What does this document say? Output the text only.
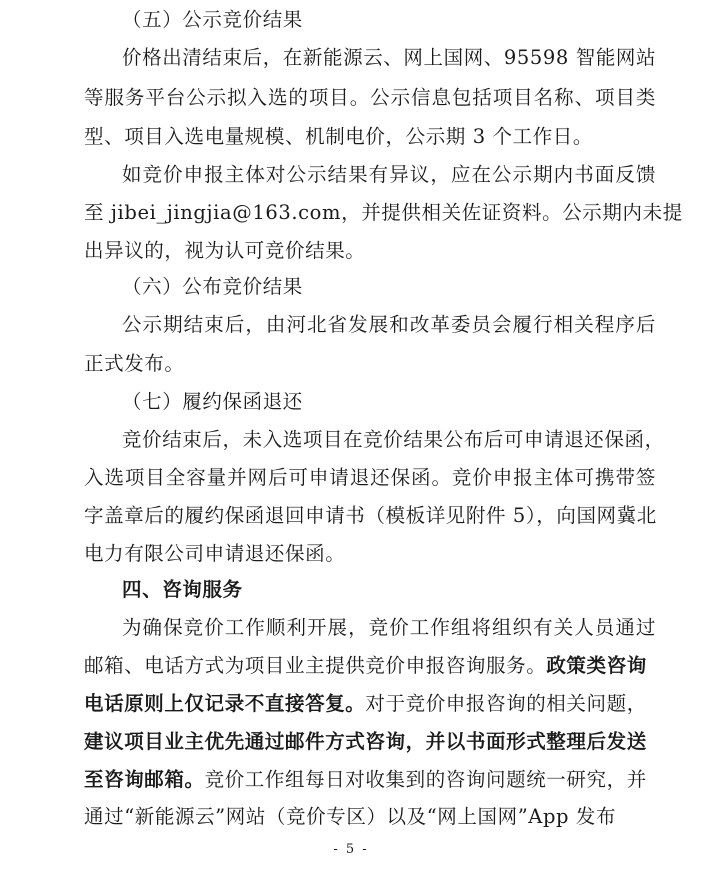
（五）公示竞价结果
价格出清结束后，在新能源云、网上国网、95598 智能网站
等服务平台公示拟入选的项目。公示信息包括项目名称、项目类
型、项目入选电量规模、机制电价，公示期 3 个工作日。
如竞价申报主体对公示结果有异议，应在公示期内书面反馈
至 jibei_jingjia@163.com，并提供相关佐证资料。公示期内未提
出异议的，视为认可竞价结果。
（六）公布竞价结果
公示期结束后，由河北省发展和改革委员会履行相关程序后
正式发布。
（七）履约保函退还
竞价结束后，未入选项目在竞价结果公布后可申请退还保函，
入选项目全容量并网后可申请退还保函。竞价申报主体可携带签
字盖章后的履约保函退回申请书（模板详见附件 5），向国网冀北
电力有限公司申请退还保函。
四、咨询服务
为确保竞价工作顺利开展，竞价工作组将组织有关人员通过
邮箱、电话方式为项目业主提供竞价申报咨询服务。政策类咨询
电话原则上仅记录不直接答复。对于竞价申报咨询的相关问题，
建议项目业主优先通过邮件方式咨询，并以书面形式整理后发送
至咨询邮箱。竞价工作组每日对收集到的咨询问题统一研究，并
通过“新能源云”网站（竞价专区）以及“网上国网”App 发布
- 5 -
